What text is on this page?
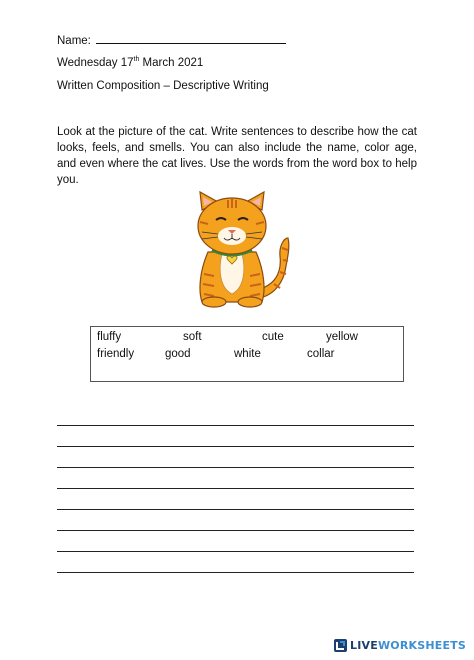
Name:
Wednesday 17th March 2021
Written Composition – Descriptive Writing
Look at the picture of the cat. Write sentences to describe how the cat looks, feels, and smells. You can also include the name, color age, and even where the cat lives. Use the words from the word box to help you.
fluffy	soft	cute	yellow
friendly	good	white	collar
LIVEWORKSHEETS
